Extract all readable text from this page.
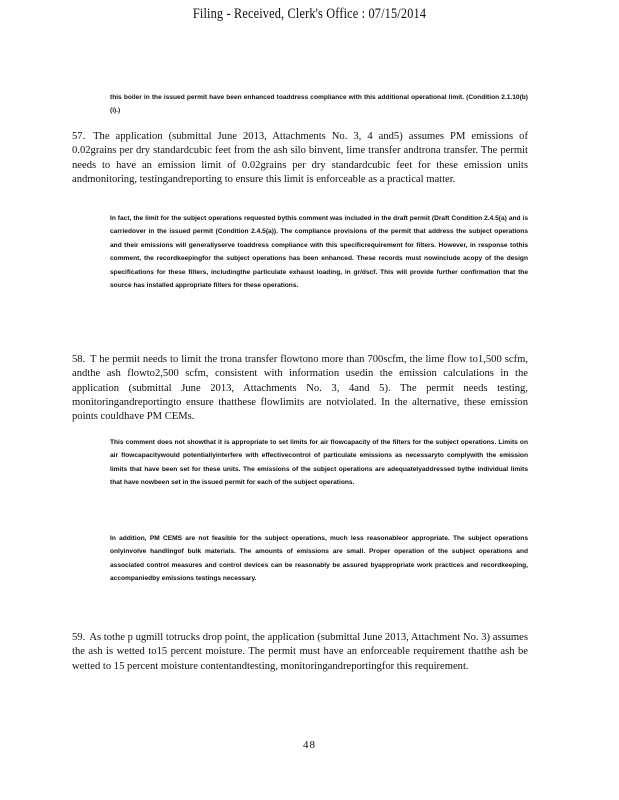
Filing - Received, Clerk's Office : 07/15/2014
this boiler in the issued permit have been enhanced toaddress compliance with this additional operational limit. (Condition 2.1.10(b)(i).)
57. The application (submittal June 2013, Attachments No. 3, 4 and5) assumes PM emissions of 0.02grains per dry standardcubic feet from the ash silo binvent, lime transfer andtrona transfer. The permit needs to have an emission limit of 0.02grains per dry standardcubic feet for these emission units andmonitoring, testingandreporting to ensure this limit is enforceable as a practical matter.
In fact, the limit for the subject operations requested bythis comment was included in the draft permit (Draft Condition 2.4.5(a) and is carriedover in the issued permit (Condition 2.4.5(a)). The compliance provisions of the permit that address the subject operations and their emissions will generallyserve toaddress compliance with this specificrequirement for filters. However, in response tothis comment, the recordkeepingfor the subject operations has been enhanced. These records must nowinclude acopy of the design specifications for these filters, includingthe particulate exhaust loading, in gr/dscf. This will provide further confirmation that the source has installed appropriate filters for these operations.
58. T he permit needs to limit the trona transfer flowtono more than 700scfm, the lime flow to1,500 scfm, andthe ash flowto2,500 scfm, consistent with information usedin the emission calculations in the application (submittal June 2013, Attachments No. 3, 4and 5). The permit needs testing, monitoringandreportingto ensure thatthese flowlimits are notviolated. In the alternative, these emission points couldhave PM CEMs.
This comment does not showthat it is appropriate to set limits for air flowcapacity of the filters for the subject operations. Limits on air flowcapacitywould potentiallyinterfere with effectivecontrol of particulate emissions as necessaryto complywith the emission limits that have been set for these units. The emissions of the subject operations are adequatelyaddressed bythe individual limits that have nowbeen set in the issued permit for each of the subject operations.
In addition, PM CEMS are not feasible for the subject operations, much less reasonableor appropriate. The subject operations onlyinvolve handlingof bulk materials. The amounts of emissions are small. Proper operation of the subject operations and associated control measures and control devices can be reasonably be assured byappropriate work practices and recordkeeping, accompaniedby emissions testings necessary.
59. As tothe p ugmill totrucks drop point, the application (submittal June 2013, Attachment No. 3) assumes the ash is wetted to15 percent moisture. The permit must have an enforceable requirement thatthe ash be wetted to 15 percent moisture contentandtesting, monitoringandreportingfor this requirement.
48
